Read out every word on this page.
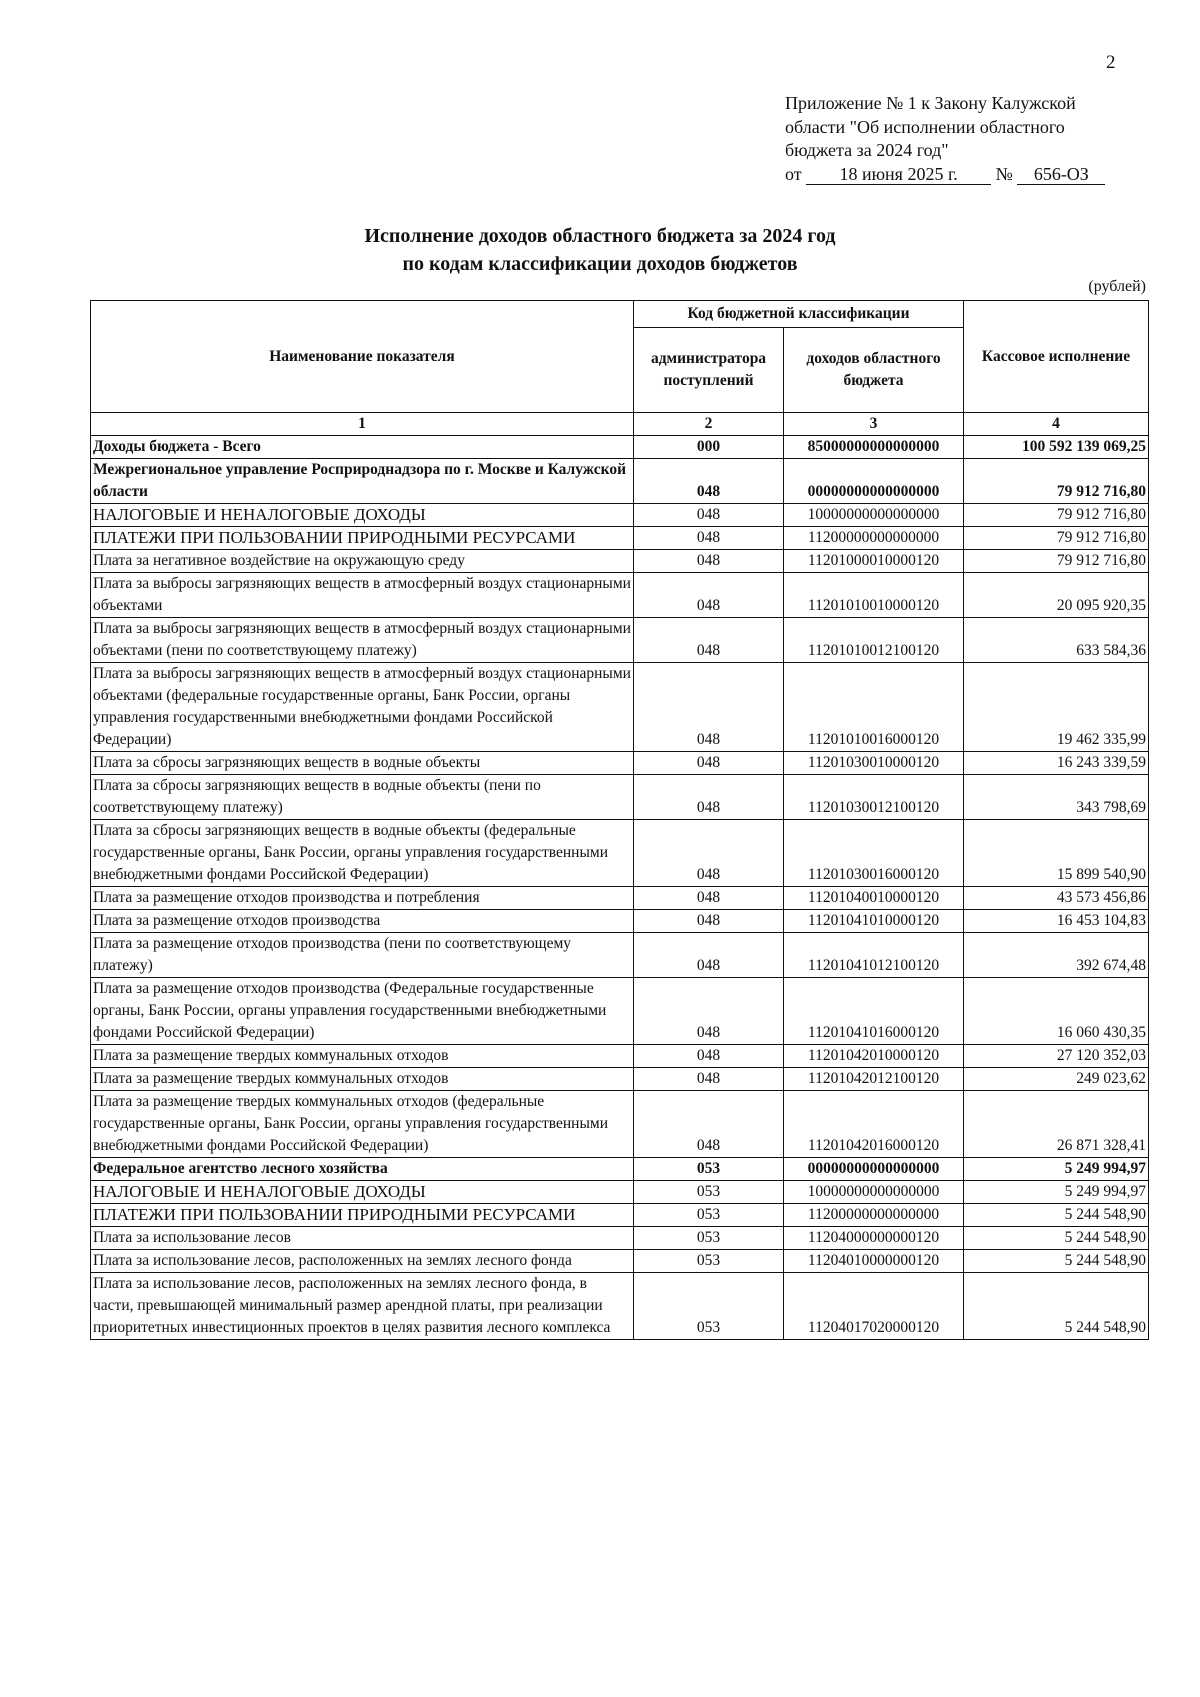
2
Приложение № 1 к Закону Калужской
области "Об исполнении областного
бюджета за 2024 год"
от 18 июня 2025 г. № 656-ОЗ
Исполнение доходов областного бюджета за 2024 год
по кодам классификации доходов бюджетов
(рублей)
Наименование показателя	Код бюджетной классификации		Кассовое исполнение
	администратора поступлений	доходов областного бюджета	
1	2	3	4
Доходы бюджета - Всего	000	85000000000000000	100 592 139 069,25
Межрегиональное управление Росприроднадзора по г. Москве и Калужской области	048	00000000000000000	79 912 716,80
НАЛОГОВЫЕ И НЕНАЛОГОВЫЕ ДОХОДЫ	048	10000000000000000	79 912 716,80
ПЛАТЕЖИ ПРИ ПОЛЬЗОВАНИИ ПРИРОДНЫМИ РЕСУРСАМИ	048	11200000000000000	79 912 716,80
Плата за негативное воздействие на окружающую среду	048	11201000010000120	79 912 716,80
Плата за выбросы загрязняющих веществ в атмосферный воздух стационарными объектами	048	11201010010000120	20 095 920,35
Плата за выбросы загрязняющих веществ в атмосферный воздух стационарными объектами (пени по соответствующему платежу)	048	11201010012100120	633 584,36
Плата за выбросы загрязняющих веществ в атмосферный воздух стационарными объектами (федеральные государственные органы, Банк России, органы управления государственными внебюджетными фондами Российской Федерации)	048	11201010016000120	19 462 335,99
Плата за сбросы загрязняющих веществ в водные объекты	048	11201030010000120	16 243 339,59
Плата за сбросы загрязняющих веществ в водные объекты (пени по соответствующему платежу)	048	11201030012100120	343 798,69
Плата за сбросы загрязняющих веществ в водные объекты (федеральные государственные органы, Банк России, органы управления государственными внебюджетными фондами Российской Федерации)	048	11201030016000120	15 899 540,90
Плата за размещение отходов производства и потребления	048	11201040010000120	43 573 456,86
Плата за размещение отходов производства	048	11201041010000120	16 453 104,83
Плата за размещение отходов производства (пени по соответствующему платежу)	048	11201041012100120	392 674,48
Плата за размещение отходов производства (Федеральные государственные органы, Банк России, органы управления государственными внебюджетными фондами Российской Федерации)	048	11201041016000120	16 060 430,35
Плата за размещение твердых коммунальных отходов	048	11201042010000120	27 120 352,03
Плата за размещение твердых коммунальных отходов	048	11201042012100120	249 023,62
Плата за размещение твердых коммунальных отходов (федеральные государственные органы, Банк России, органы управления государственными внебюджетными фондами Российской Федерации)	048	11201042016000120	26 871 328,41
Федеральное агентство лесного хозяйства	053	00000000000000000	5 249 994,97
НАЛОГОВЫЕ И НЕНАЛОГОВЫЕ ДОХОДЫ	053	10000000000000000	5 249 994,97
ПЛАТЕЖИ ПРИ ПОЛЬЗОВАНИИ ПРИРОДНЫМИ РЕСУРСАМИ	053	11200000000000000	5 244 548,90
Плата за использование лесов	053	11204000000000120	5 244 548,90
Плата за использование лесов, расположенных на землях лесного фонда	053	11204010000000120	5 244 548,90
Плата за использование лесов, расположенных на землях лесного фонда, в части, превышающей минимальный размер арендной платы, при реализации приоритетных инвестиционных проектов в целях развития лесного комплекса	053	11204017020000120	5 244 548,90
